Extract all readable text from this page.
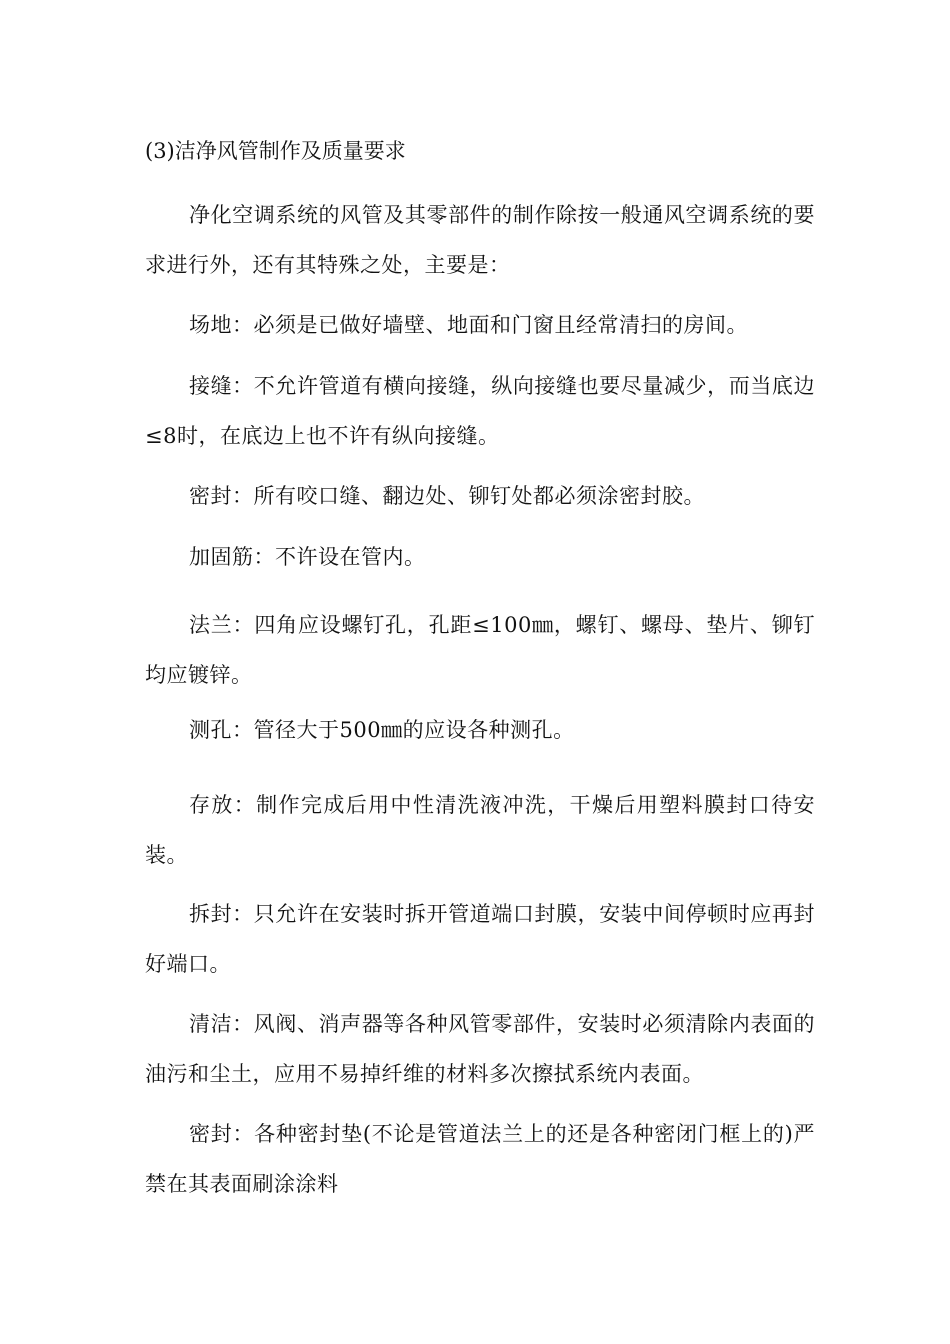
(3)洁净风管制作及质量要求

净化空调系统的风管及其零部件的制作除按一般通风空调系统的要求进行外，还有其特殊之处，主要是：

场地：必须是已做好墙壁、地面和门窗且经常清扫的房间。

接缝：不允许管道有横向接缝，纵向接缝也要尽量减少，而当底边　≤8时，在底边上也不许有纵向接缝。

密封：所有咬口缝、翻边处、铆钉处都必须涂密封胶。

加固筋：不许设在管内。

法兰：四角应设螺钉孔，孔距≤100㎜，螺钉、螺母、垫片、铆钉均应镀锌。

测孔：管径大于500㎜的应设各种测孔。

存放：制作完成后用中性清洗液冲洗，干燥后用塑料膜封口待安装。

拆封：只允许在安装时拆开管道端口封膜，安装中间停顿时应再封好端口。

清洁：风阀、消声器等各种风管零部件，安装时必须清除内表面的油污和尘土，应用不易掉纤维的材料多次擦拭系统内表面。

密封：各种密封垫(不论是管道法兰上的还是各种密闭门框上的)严禁在其表面刷涂涂料
